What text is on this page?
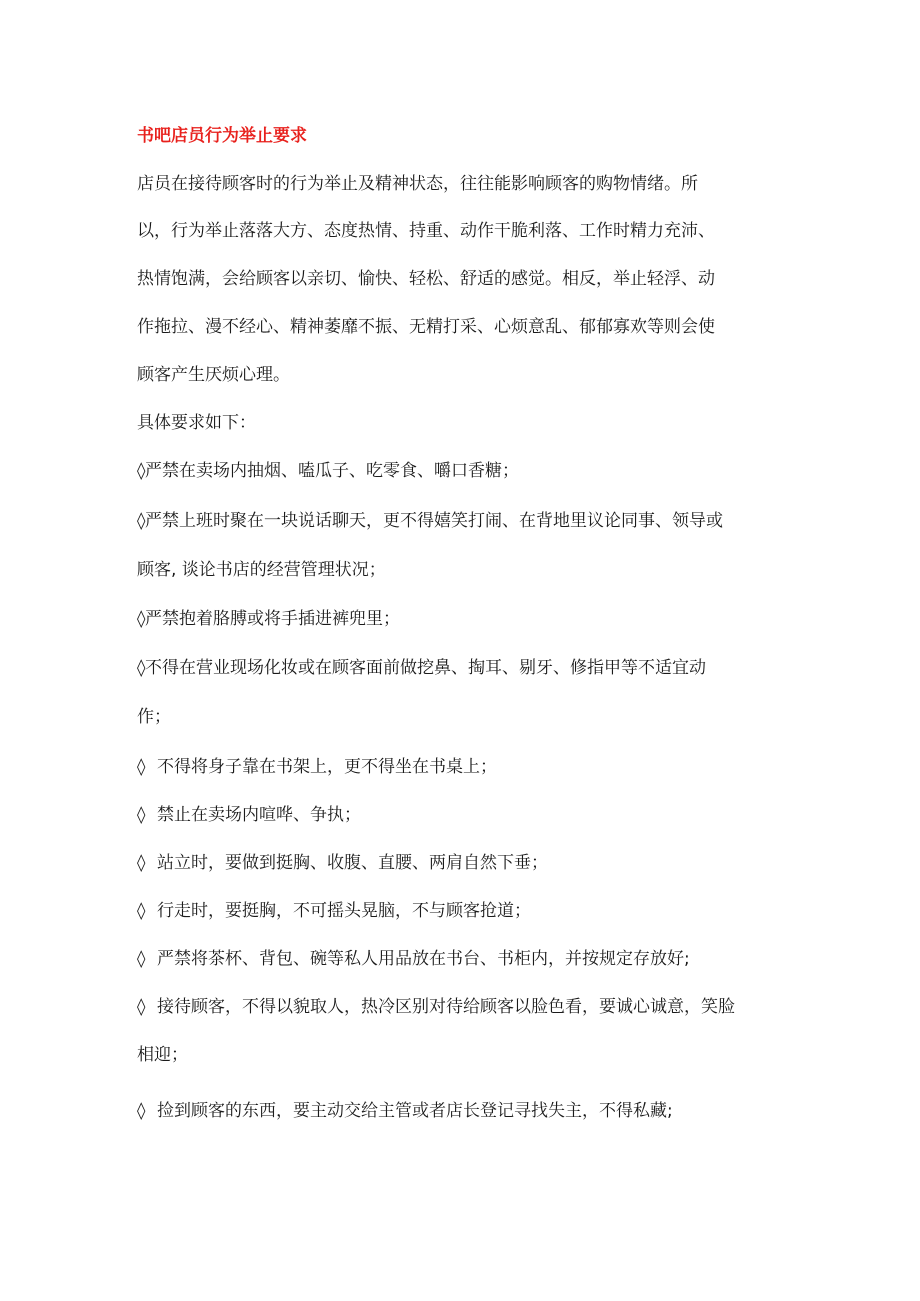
书吧店员行为举止要求
店员在接待顾客时的行为举止及精神状态，往往能影响顾客的购物情绪。所
以，行为举止落落大方、态度热情、持重、动作干脆利落、工作时精力充沛、
热情饱满，会给顾客以亲切、愉快、轻松、舒适的感觉。相反，举止轻浮、动
作拖拉、漫不经心、精神萎靡不振、无精打采、心烦意乱、郁郁寡欢等则会使
顾客产生厌烦心理。
具体要求如下：
◊严禁在卖场内抽烟、嗑瓜子、吃零食、嚼口香糖；
◊严禁上班时聚在一块说话聊天，更不得嬉笑打闹、在背地里议论同事、领导或
顾客, 谈论书店的经营管理状况；
◊严禁抱着胳膊或将手插进裤兜里；
◊不得在营业现场化妆或在顾客面前做挖鼻、掏耳、剔牙、修指甲等不适宜动
作；
◊ 不得将身子靠在书架上，更不得坐在书桌上；
◊ 禁止在卖场内喧哗、争执；
◊ 站立时，要做到挺胸、收腹、直腰、两肩自然下垂；
◊ 行走时，要挺胸，不可摇头晃脑，不与顾客抢道；
◊ 严禁将茶杯、背包、碗等私人用品放在书台、书柜内，并按规定存放好;
◊ 接待顾客，不得以貌取人，热冷区别对待给顾客以脸色看，要诚心诚意，笑脸
相迎；
◊ 捡到顾客的东西，要主动交给主管或者店长登记寻找失主，不得私藏;
